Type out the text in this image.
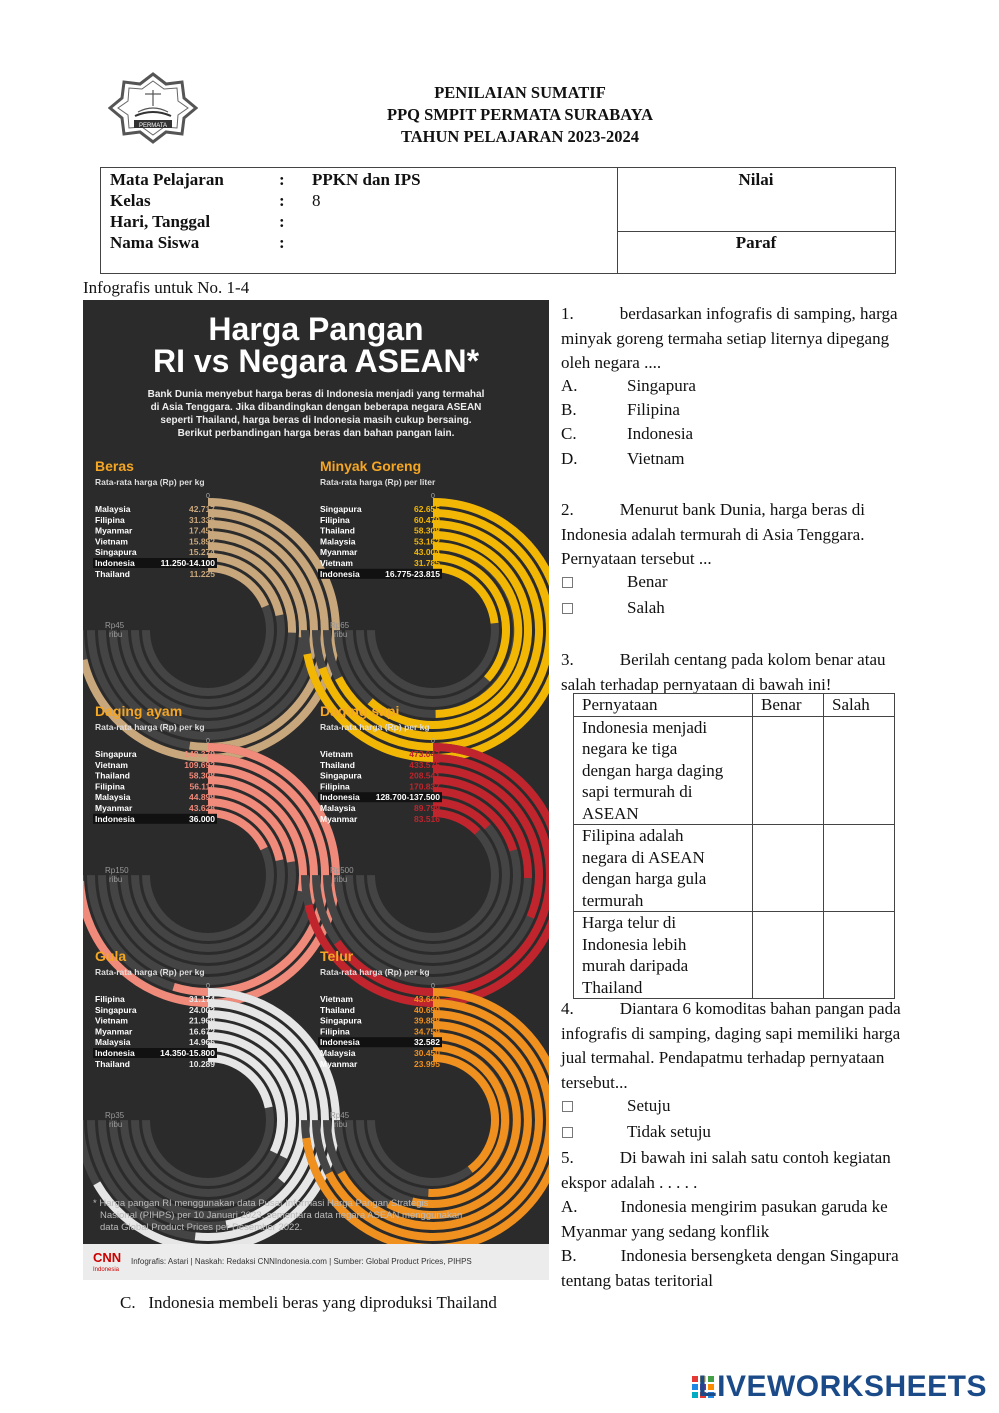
PERMATA
PENILAIAN SUMATIF
PPQ SMPIT PERMATA SURABAYA
TAHUN PELAJARAN 2023-2024
Mata Pelajaran	: PPKN dan IPS
Kelas	: 8
Hari, Tanggal	:
Nama Siswa	:
Nilai
Paraf
Infografis untuk No. 1-4
Harga Pangan
RI vs Negara ASEAN*
Bank Dunia menyebut harga beras di Indonesia menjadi yang termahal
di Asia Tenggara. Jika dibandingkan dengan beberapa negara ASEAN
seperti Thailand, harga beras di Indonesia masih cukup bersaing.
Berikut perbandingan harga beras dan bahan pangan lain.
Beras
Rata-rata harga (Rp) per kg
0
Malaysia	42.717
Filipina	31.336
Myanmar	17.451
Vietnam	15.892
Singapura	15.274
Indonesia	11.250-14.100
Thailand	11.225
Rp45
ribu
Minyak Goreng
Rata-rata harga (Rp) per liter
0
Singapura	62.655
Filipina	60.479
Thailand	58.308
Malaysia	53.162
Myanmar	43.004
Vietnam	31.785
Indonesia	16.775-23.815
Rp65
ribu
Daging ayam
Rata-rata harga (Rp) per kg
0
Singapura	148.379
Vietnam	109.692
Thailand	58.308
Filipina	56.114
Malaysia	44.899
Myanmar	43.628
Indonesia	36.000
Rp150
ribu
Daging sapi
Rata-rata harga (Rp) per kg
0
Vietnam	473.047
Thailand	433.575
Singapura	208.541
Filipina	170.837
Indonesia 128.700-137.500
Malaysia	89.799
Myanmar	83.516
Rp500
ribu
Gula
Rata-rata harga (Rp) per kg
0
Filipina	31.174
Singapura	24.002
Vietnam	21.969
Myanmar	16.672
Malaysia	14.966
Indonesia	14.350-15.800
Thailand	10.289
Rp35
ribu
Telur
Rata-rata harga (Rp) per kg
0
Vietnam	43.640
Thailand	40.690
Singapura	39.888
Filipina	34.759
Indonesia	32.582
Malaysia	30.450
Myanmar	23.995
Rp45
ribu
* Harga pangan RI menggunakan data Pusat Informasi Harga Pangan Strategis
Nasional (PIHPS) per 10 Januari 2023, sementara data negara ASEAN menggunakan
data Global Product Prices per Desember 2022.
CNN
Indonesia
Infografis: Astari | Naskah: Redaksi CNNIndonesia.com | Sumber: Global Product Prices, PIHPS
1.	berdasarkan infografis di samping, harga
minyak goreng termaha setiap liternya dipegang
oleh negara ....
A.	Singapura
B.	Filipina
C.	Indonesia
D.	Vietnam
2.	Menurut bank Dunia, harga beras di
Indonesia adalah termurah di Asia Tenggara.
Pernyataan tersebut ...
Benar
Salah
3.	Berilah centang pada kolom benar atau
salah terhadap pernyataan di bawah ini!
Pernyataan	Benar	Salah

Indonesia menjadi
negara ke tiga
dengan harga daging
sapi termurah di
ASEAN		

Filipina adalah
negara di ASEAN
dengan harga gula
termurah		

Harga telur di
Indonesia lebih
murah daripada
Thailand		

4.	Diantara 6 komoditas bahan pangan pada
infografis di samping, daging sapi memiliki harga
jual termahal. Pendapatmu terhadap pernyataan
tersebut...
Setuju
Tidak setuju
5.	Di bawah ini salah satu contoh kegiatan
ekspor adalah . . . . .
A.	Indonesia mengirim pasukan garuda ke
Myanmar yang sedang konflik
B.	Indonesia bersengketa dengan Singapura
tentang batas teritorial
C. Indonesia membeli beras yang diproduksi Thailand
LIVEWORKSHEETS
